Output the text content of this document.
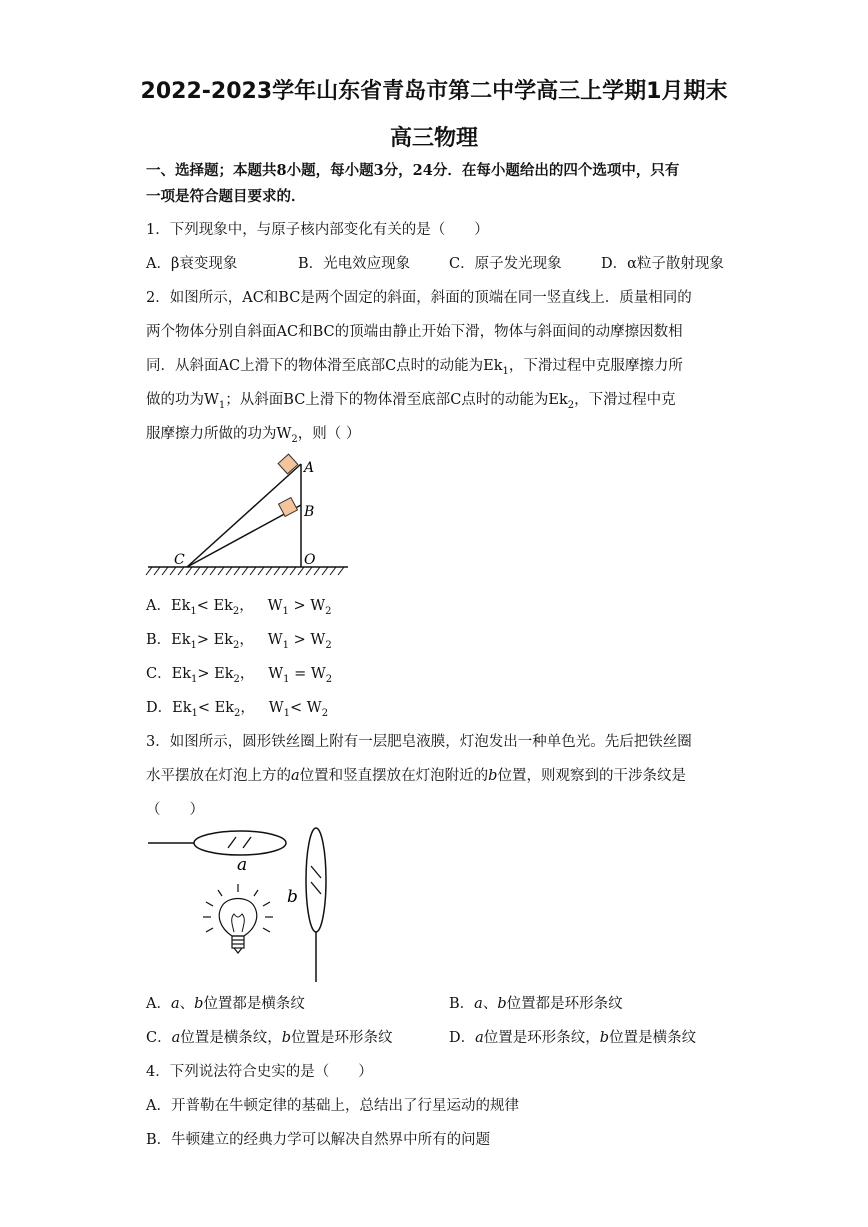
2022-2023学年山东省青岛市第二中学高三上学期1月期末
高三物理
一、选择题；本题共8小题，每小题3分，24分．在每小题给出的四个选项中，只有
一项是符合题目要求的．
1．下列现象中，与原子核内部变化有关的是（　　）
A．β衰变现象	B．光电效应现象	C．原子发光现象	D．α粒子散射现象
2．如图所示，AC和BC是两个固定的斜面，斜面的顶端在同一竖直线上．质量相同的
两个物体分别自斜面AC和BC的顶端由静止开始下滑，物体与斜面间的动摩擦因数相
同．从斜面AC上滑下的物体滑至底部C点时的动能为$Ek_1$，下滑过程中克服摩擦力所
做的功为$W_1$；从斜面BC上滑下的物体滑至底部C点时的动能为$Ek_2$，下滑过程中克
服摩擦力所做的功为$W_2$，则（ ）
A
B
C	O
A．$Ek_1< Ek_2$，   $W_1 > W_2$
B．$Ek_1> Ek_2$，   $W_1 > W_2$
C．$Ek_1> Ek_2$，   $W_1 = W_2$
D．$Ek_1< Ek_2$，   $W_1< W_2$
3．如图所示，圆形铁丝圈上附有一层肥皂液膜，灯泡发出一种单色光。先后把铁丝圈
水平摆放在灯泡上方的a位置和竖直摆放在灯泡附近的b位置，则观察到的干涉条纹是
（　　）
a
b
A．a、b位置都是横条纹	B．a、b位置都是环形条纹
C．a位置是横条纹，b位置是环形条纹	D．a位置是环形条纹，b位置是横条纹
4．下列说法符合史实的是（　　）
A．开普勒在牛顿定律的基础上，总结出了行星运动的规律
B．牛顿建立的经典力学可以解决自然界中所有的问题
